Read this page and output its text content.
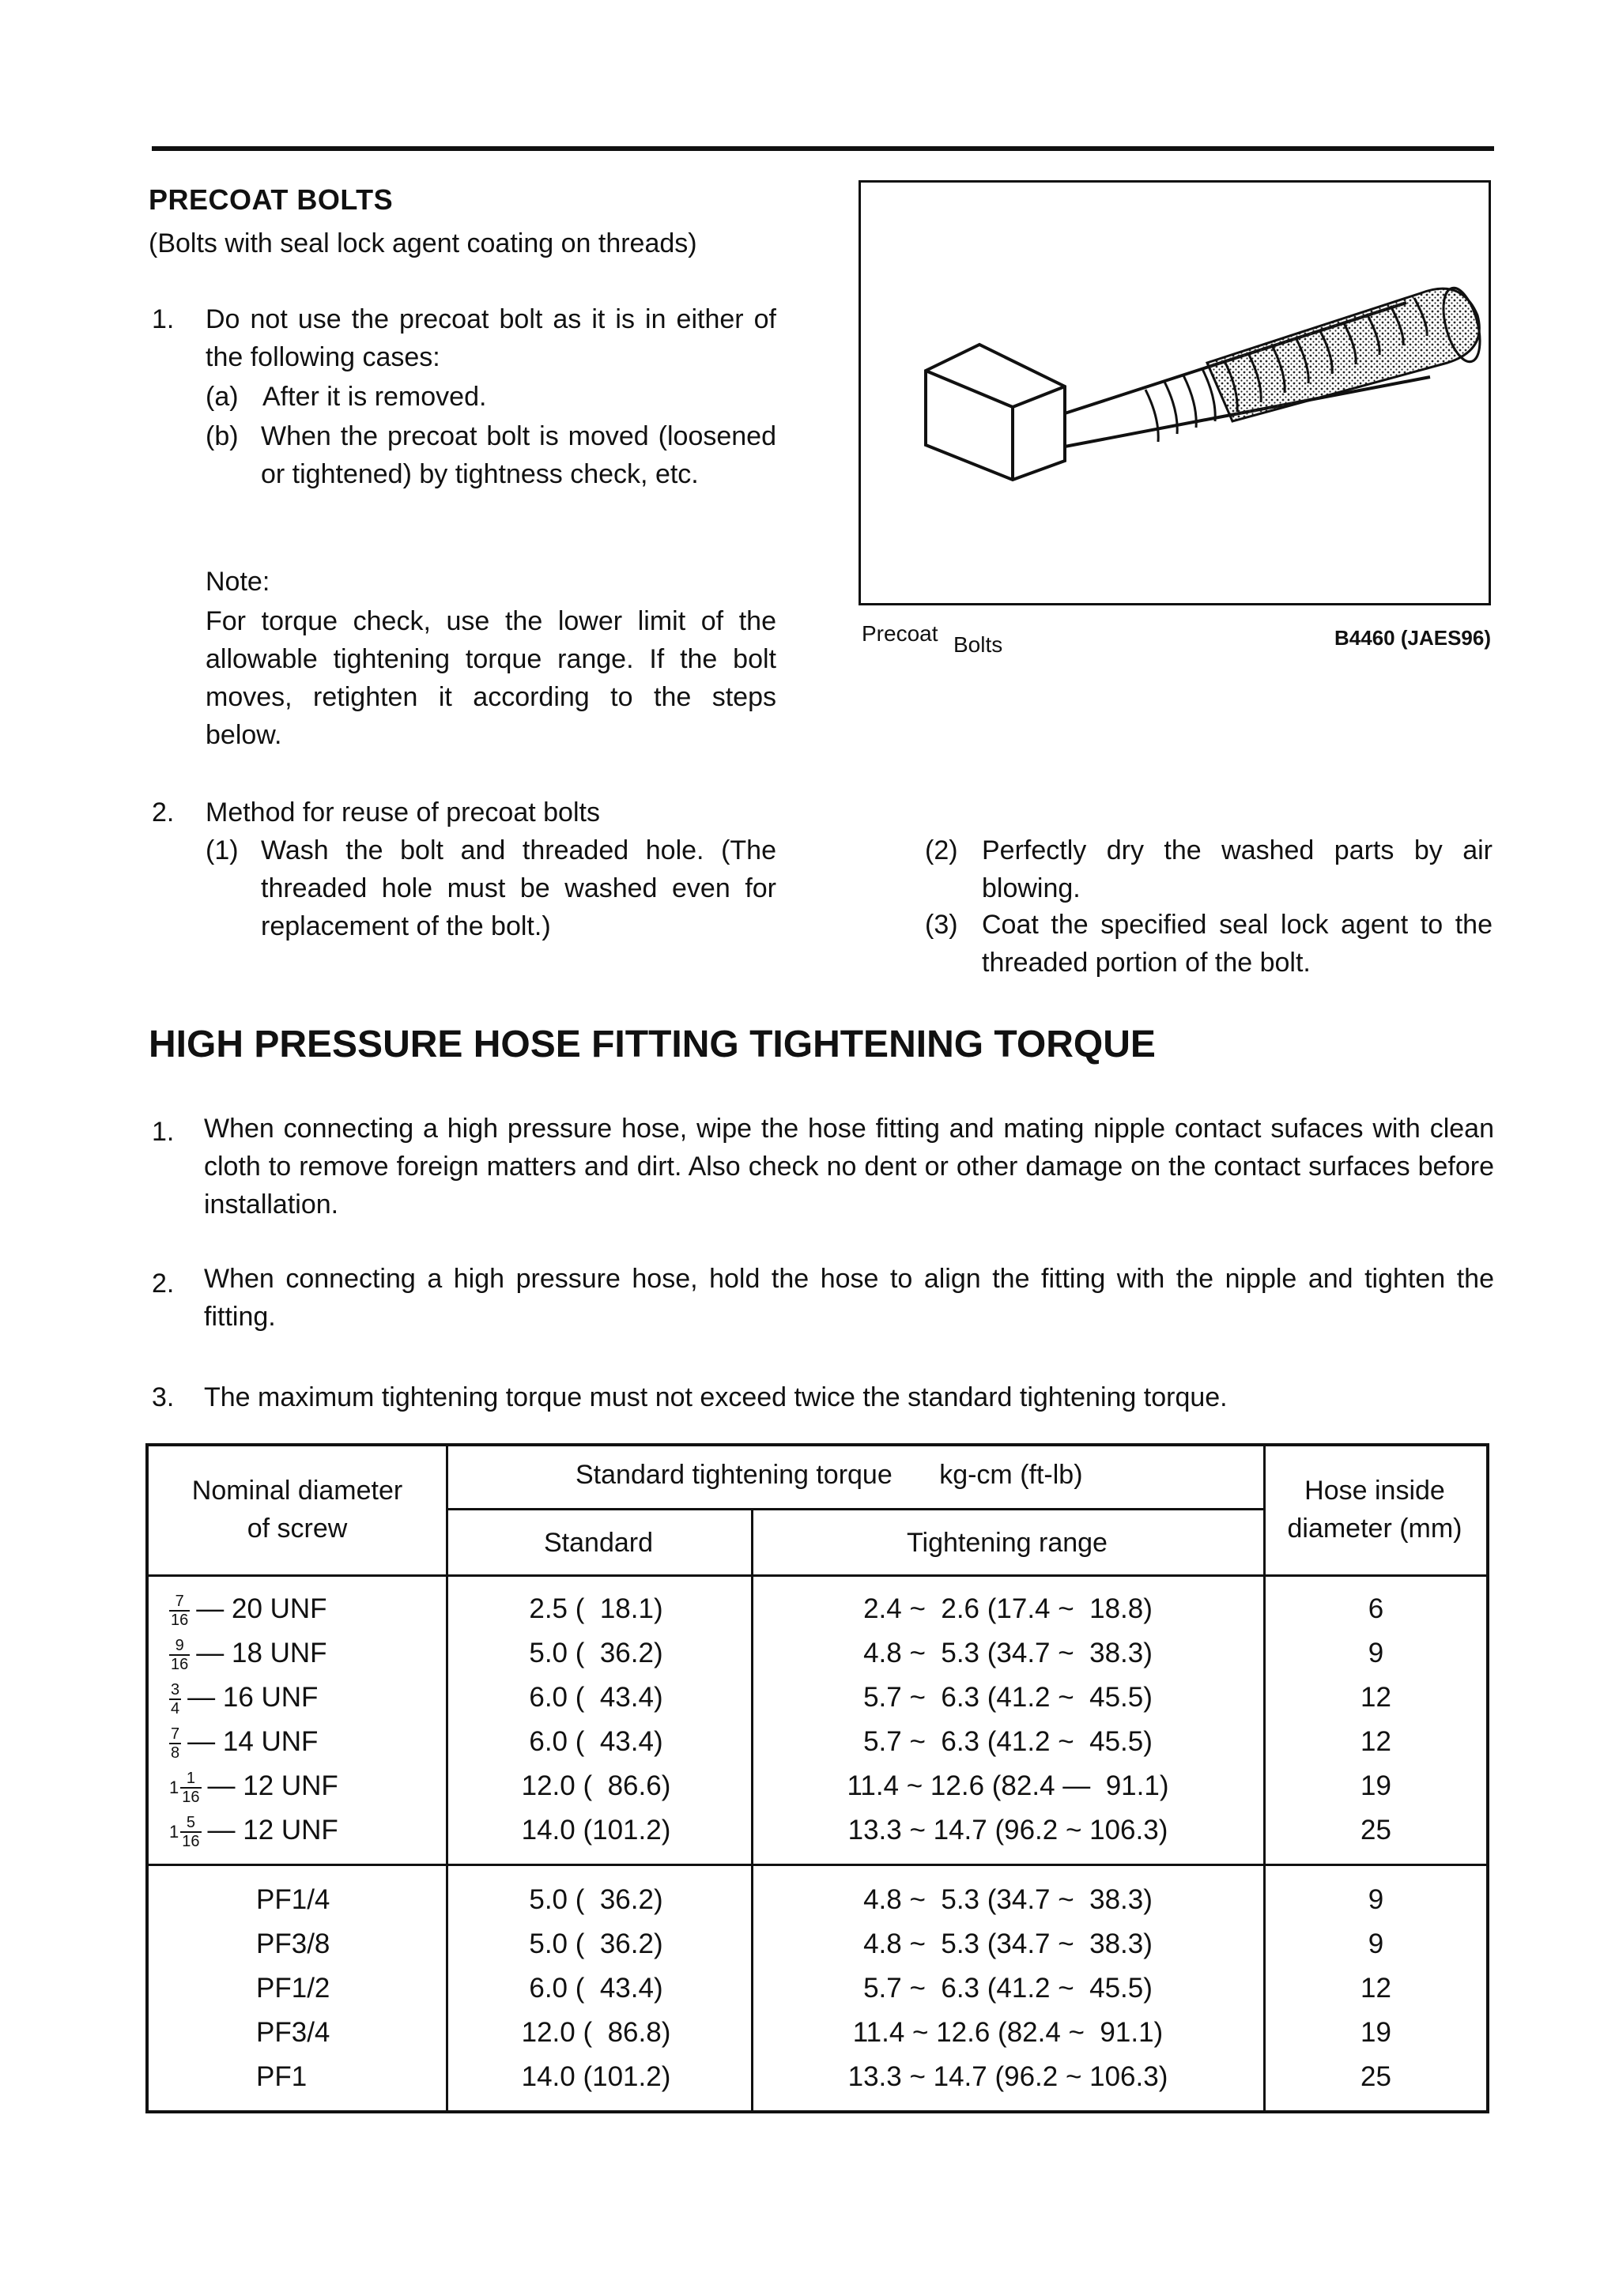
PRECOAT BOLTS
(Bolts with seal lock agent coating on threads)
1.	Do not use the precoat bolt as it is in either of the following cases:
(a) After it is removed.
(b) When the precoat bolt is moved (loosened or tightened) by tightness check, etc.
Note:
For torque check, use the lower limit of the allowable tightening torque range. If the bolt moves, retighten it according to the steps below.
2.	Method for reuse of precoat bolts
(1) Wash the bolt and threaded hole. (The threaded hole must be washed even for replacement of the bolt.)
(2) Perfectly dry the washed parts by air blowing.
(3) Coat the specified seal lock agent to the threaded portion of the bolt.
Precoat Bolts	B4460 (JAES96)
HIGH PRESSURE HOSE FITTING TIGHTENING TORQUE
1.	When connecting a high pressure hose, wipe the hose fitting and mating nipple contact sufaces with clean cloth to remove foreign matters and dirt. Also check no dent or other damage on the contact surfaces before installation.
2.	When connecting a high pressure hose, hold the hose to align the fitting with the nipple and tighten the fitting.
3.	The maximum tightening torque must not exceed twice the standard tightening torque.
Nominal diameter
of screw
Standard tightening torque kg-cm (ft-lb)
Standard	Tightening range
Hose inside
diameter (mm)
$\frac{7}{16}$ — 20 UNF	2.5 (  18.1)	2.4 ~  2.6 (17.4 ~  18.8)	6
$\frac{9}{16}$ — 18 UNF	5.0 (  36.2)	4.8 ~  5.3 (34.7 ~  38.3)	9
$\frac{3}{4}$ — 16 UNF	6.0 (  43.4)	5.7 ~  6.3 (41.2 ~  45.5)	12
$\frac{7}{8}$ — 14 UNF	6.0 (  43.4)	5.7 ~  6.3 (41.2 ~  45.5)	12
$1 \frac{1}{16}$ — 12 UNF	12.0 (  86.6)	11.4 ~ 12.6 (82.4 —  91.1)	19
$1 \frac{5}{16}$ — 12 UNF	14.0 (101.2)	13.3 ~ 14.7 (96.2 ~ 106.3)	25
PF1/4	5.0 (  36.2)	4.8 ~  5.3 (34.7 ~  38.3)	9
PF3/8	5.0 (  36.2)	4.8 ~  5.3 (34.7 ~  38.3)	9
PF1/2	6.0 (  43.4)	5.7 ~  6.3 (41.2 ~  45.5)	12
PF3/4	12.0 (  86.8)	11.4 ~ 12.6 (82.4 ~  91.1)	19
PF1	14.0 (101.2)	13.3 ~ 14.7 (96.2 ~ 106.3)	25
